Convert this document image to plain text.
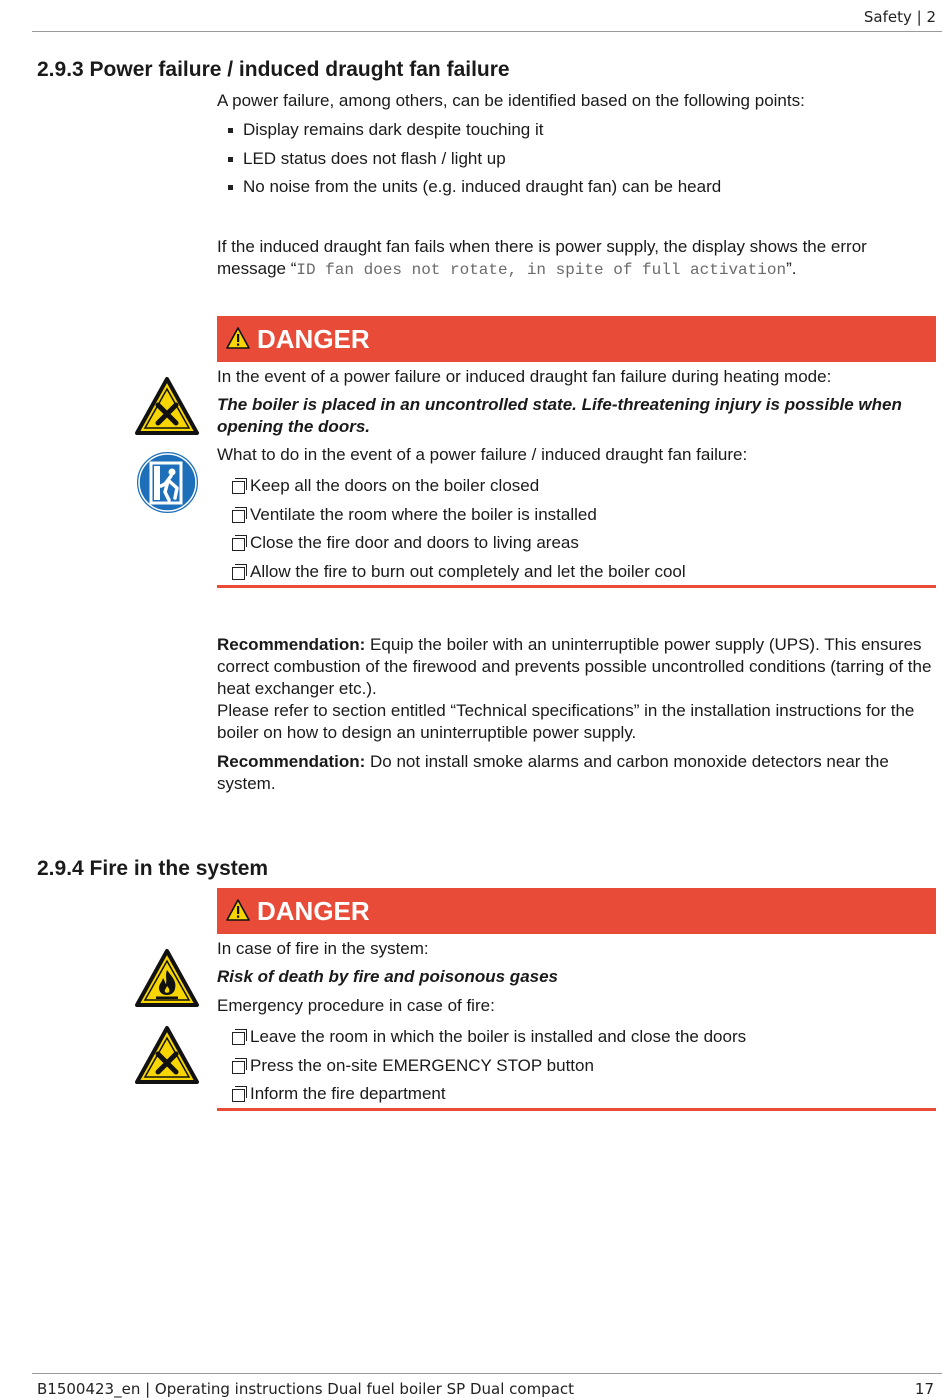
Safety | 2
2.9.3 Power failure / induced draught fan failure

A power failure, among others, can be identified based on the following points:

Display remains dark despite touching it
LED status does not flash / light up
No noise from the units (e.g. induced draught fan) can be heard

If the induced draught fan fails when there is power supply, the display shows the error message “ID fan does not rotate, in spite of full activation”.

DANGER

In the event of a power failure or induced draught fan failure during heating mode:

The boiler is placed in an uncontrolled state. Life-threatening injury is possible when opening the doors.

What to do in the event of a power failure / induced draught fan failure:

Keep all the doors on the boiler closed
Ventilate the room where the boiler is installed
Close the fire door and doors to living areas
Allow the fire to burn out completely and let the boiler cool

Recommendation: Equip the boiler with an uninterruptible power supply (UPS). This ensures correct combustion of the firewood and prevents possible uncontrolled conditions (tarring of the heat exchanger etc.).

Please refer to section entitled “Technical specifications” in the installation instructions for the boiler on how to design an uninterruptible power supply.

Recommendation: Do not install smoke alarms and carbon monoxide detectors near the system.

2.9.4 Fire in the system
DANGER

In case of fire in the system:

Risk of death by fire and poisonous gases

Emergency procedure in case of fire:

Leave the room in which the boiler is installed and close the doors
Press the on-site EMERGENCY STOP button
Inform the fire department
B1500423_en | Operating instructions Dual fuel boiler SP Dual compact	17
